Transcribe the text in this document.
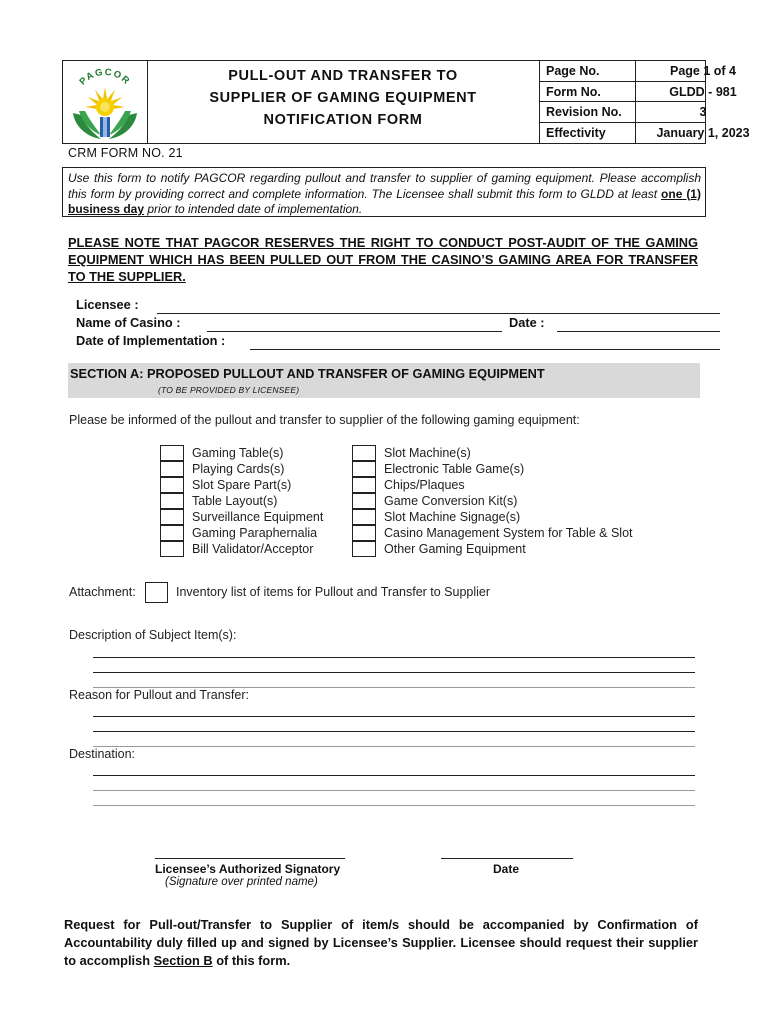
PAGCOR	PULL-OUT AND TRANSFER TO
SUPPLIER OF GAMING EQUIPMENT
NOTIFICATION FORM
Page No.	Page 1 of 4
Form No.	GLDD - 981
Revision No.	3
Effectivity	January 1, 2023
CRM FORM NO. 21
Use this form to notify PAGCOR regarding pullout and transfer to supplier of gaming equipment. Please accomplish this form by providing correct and complete information. The Licensee shall submit this form to GLDD at least one (1) business day prior to intended date of implementation.
PLEASE NOTE THAT PAGCOR RESERVES THE RIGHT TO CONDUCT POST-AUDIT OF THE GAMING EQUIPMENT WHICH HAS BEEN PULLED OUT FROM THE CASINO’S GAMING AREA FOR TRANSFER TO THE SUPPLIER.
Licensee :
Name of Casino :	Date :
Date of Implementation :
SECTION A: PROPOSED PULLOUT AND TRANSFER OF GAMING EQUIPMENT
(TO BE PROVIDED BY LICENSEE)
Please be informed of the pullout and transfer to supplier of the following gaming equipment:
Gaming Table(s)
Playing Cards(s)
Slot Spare Part(s)
Table Layout(s)
Surveillance Equipment
Gaming Paraphernalia
Bill Validator/Acceptor
Slot Machine(s)
Electronic Table Game(s)
Chips/Plaques
Game Conversion Kit(s)
Slot Machine Signage(s)
Casino Management System for Table & Slot
Other Gaming Equipment
Attachment:	Inventory list of items for Pullout and Transfer to Supplier
Description of Subject Item(s):
Reason for Pullout and Transfer:
Destination:
Licensee’s Authorized Signatory
(Signature over printed name)
Date
Request for Pull-out/Transfer to Supplier of item/s should be accompanied by Confirmation of Accountability duly filled up and signed by Licensee’s Supplier. Licensee should request their supplier to accomplish Section B of this form.
